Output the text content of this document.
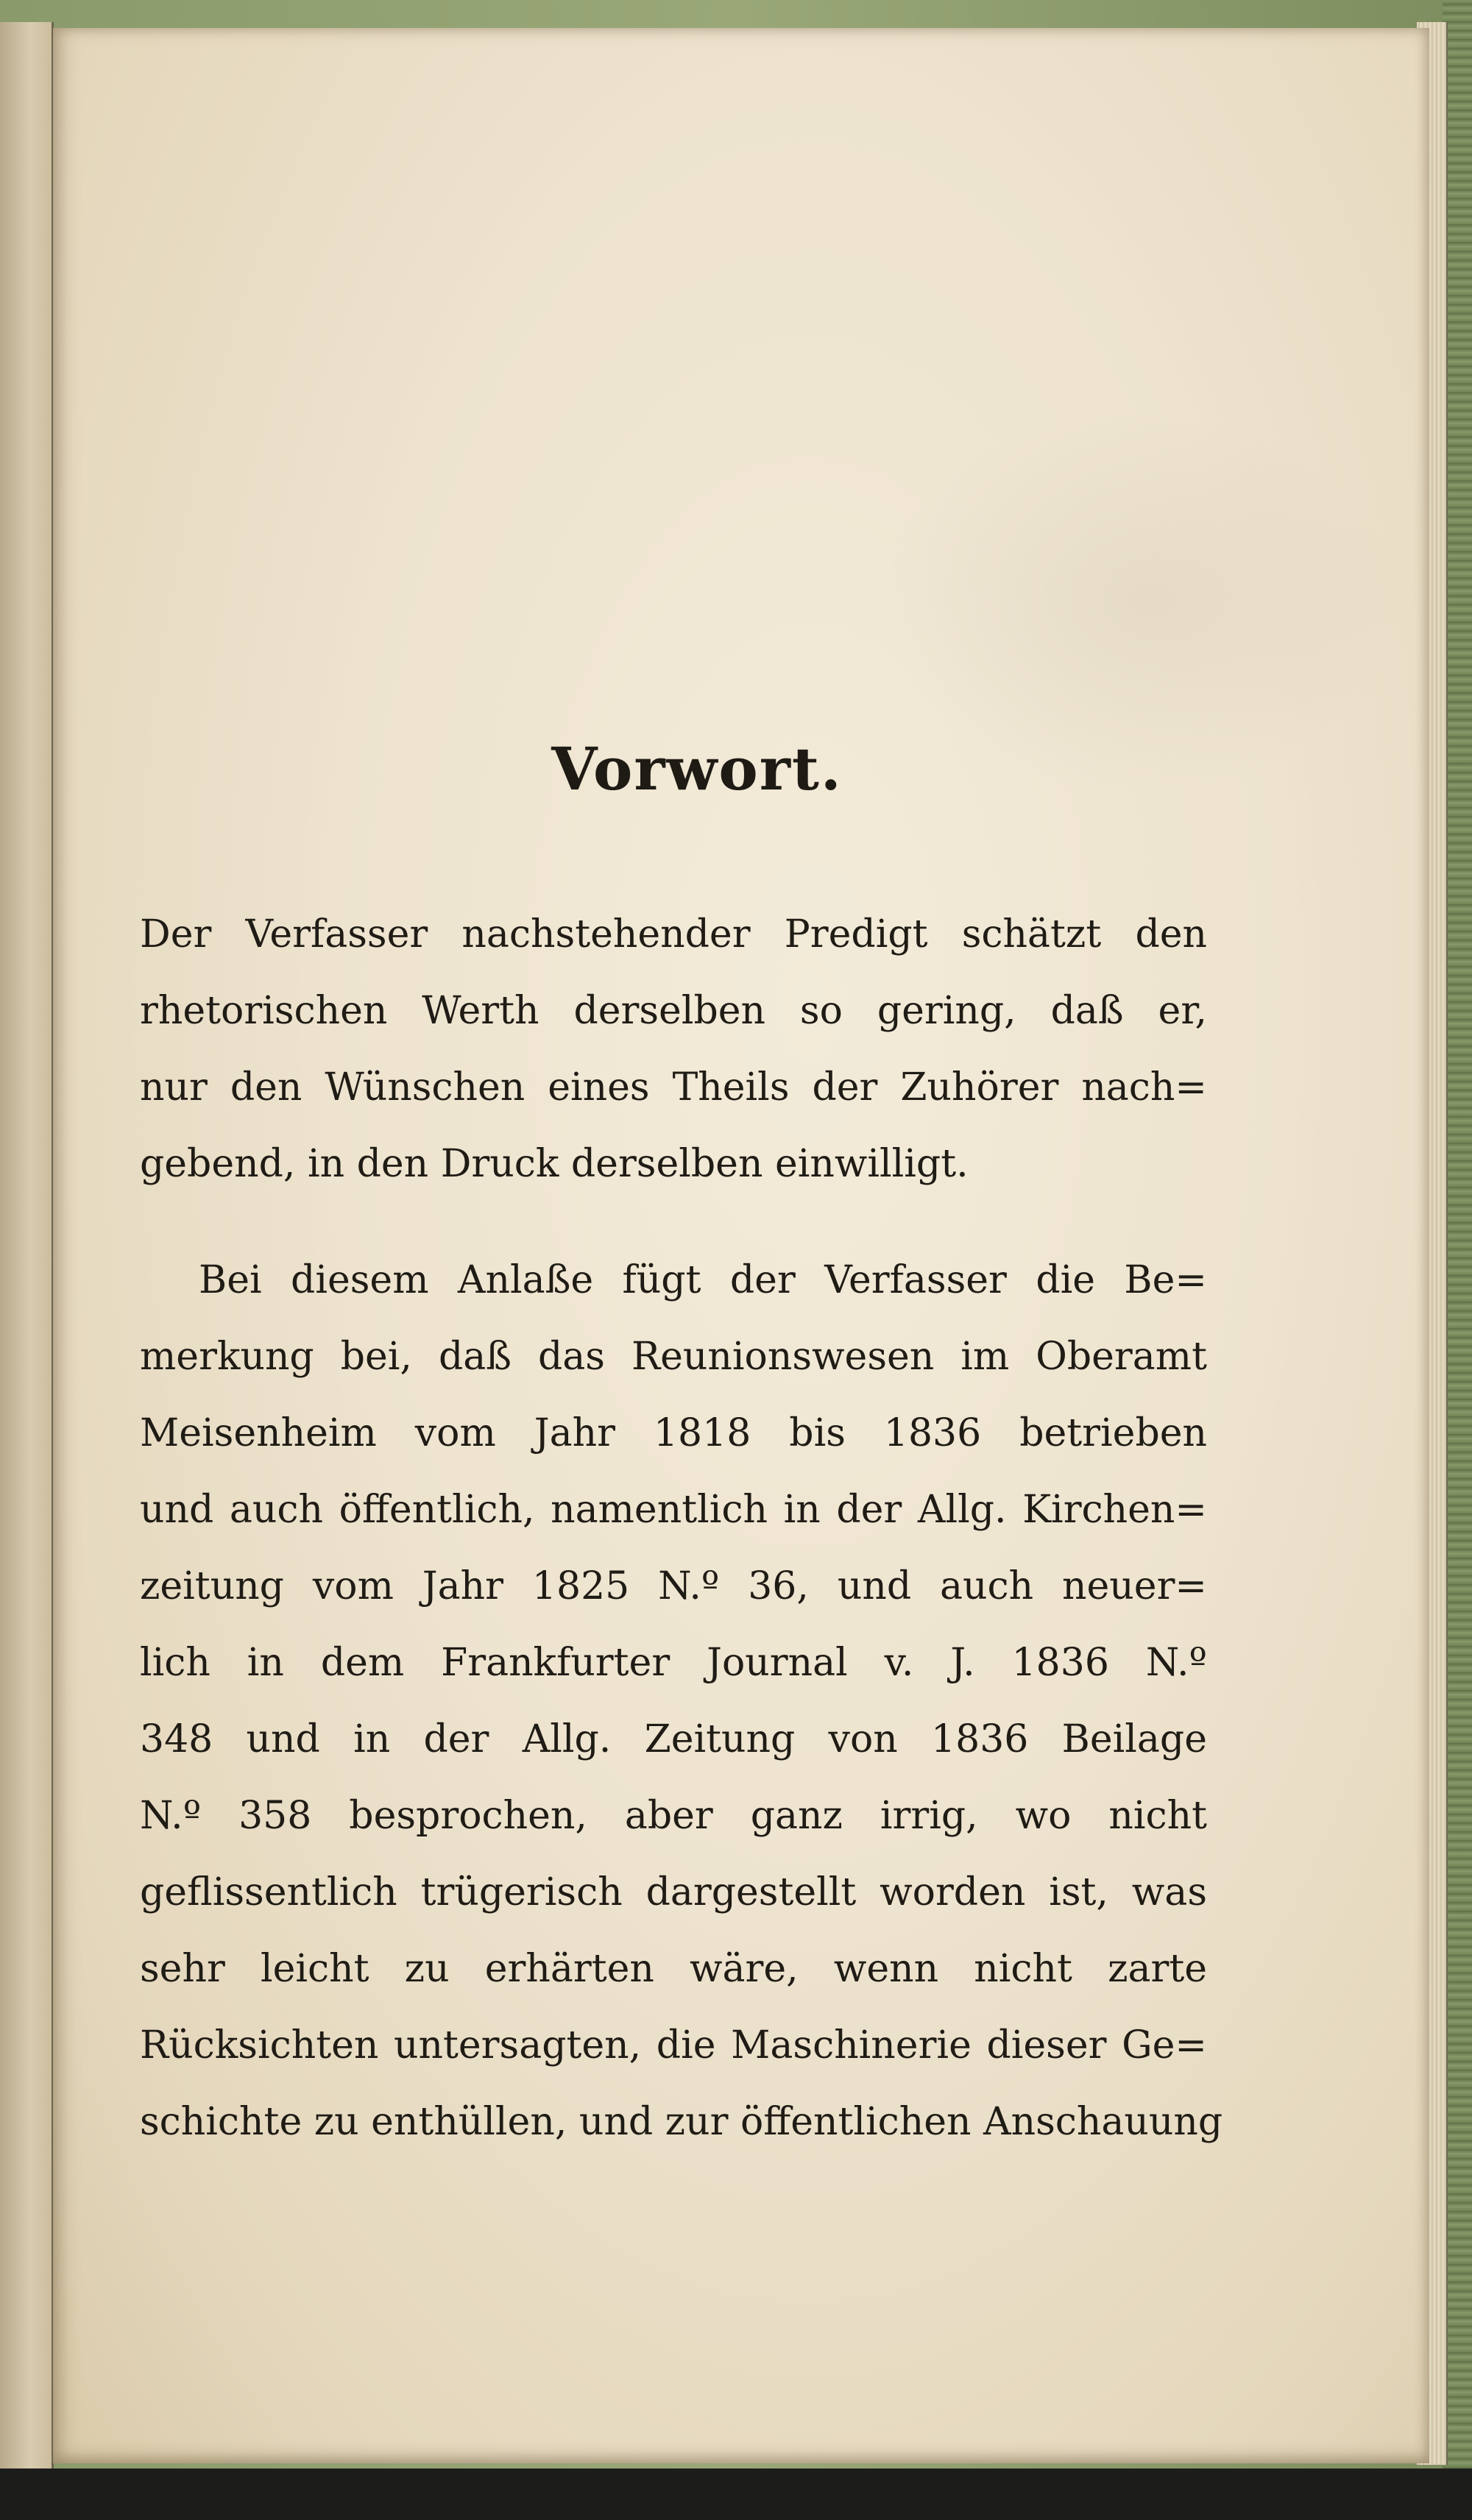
Vorwort.
Der Verfasser nachstehender Predigt schätzt den
rhetorischen Werth derselben so gering, daß er,
nur den Wünschen eines Theils der Zuhörer nach=
gebend, in den Druck derselben einwilligt.
Bei diesem Anlaße fügt der Verfasser die Be=
merkung bei, daß das Reunionswesen im Oberamt
Meisenheim vom Jahr 1818 bis 1836 betrieben
und auch öffentlich, namentlich in der Allg. Kirchen=
zeitung vom Jahr 1825 N.º 36, und auch neuer=
lich in dem Frankfurter Journal v. J. 1836 N.º
348 und in der Allg. Zeitung von 1836 Beilage
N.º 358 besprochen, aber ganz irrig, wo nicht
geflissentlich trügerisch dargestellt worden ist, was
sehr leicht zu erhärten wäre, wenn nicht zarte
Rücksichten untersagten, die Maschinerie dieser Ge=
schichte zu enthüllen, und zur öffentlichen Anschauung
